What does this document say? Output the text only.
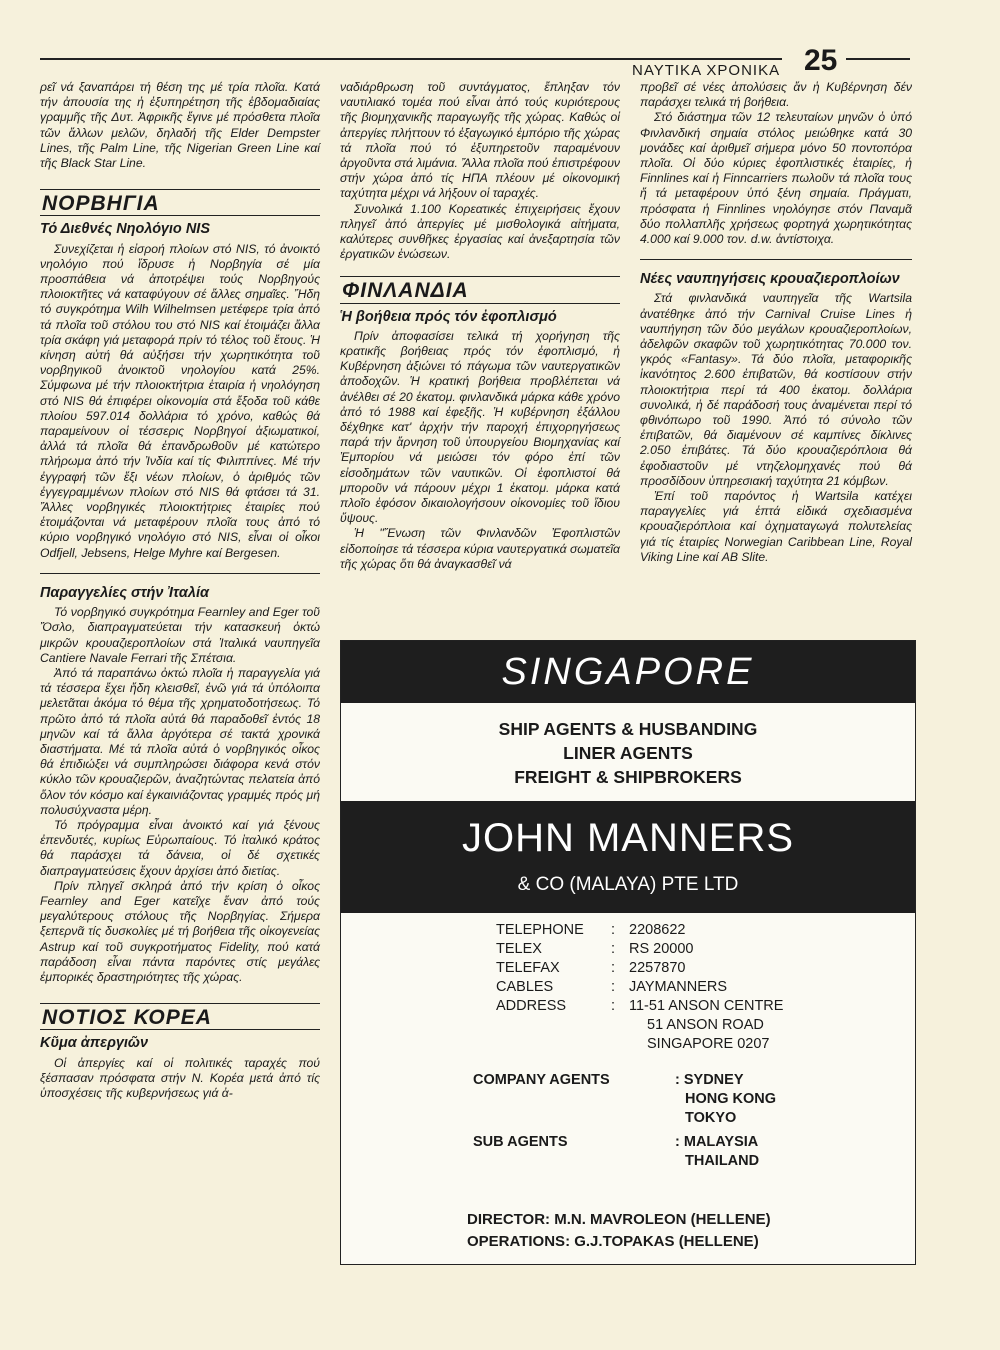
ΝΑΥΤΙΚΑ ΧΡΟΝΙΚΑ 25

ρεῖ νά ξαναπάρει τή θέση της μέ τρία πλοῖα. Κατά τήν ἀπουσία της ἡ ἐξυπηρέτηση τῆς ἑβδομαδιαίας γραμμῆς τῆς Δυτ. Ἀφρικῆς ἔγινε μέ πρόσθετα πλοῖα τῶν ἄλλων μελῶν, δηλαδή τῆς Elder Dempster Lines, τῆς Palm Line, τῆς Nigerian Green Line καί τῆς Black Star Line.

ΝΟΡΒΗΓΙΑ
Τό Διεθνές Νηολόγιο NIS

Συνεχίζεται ἡ εἰσροή πλοίων στό NIS, τό ἀνοικτό νηολόγιο πού ἵδρυσε ἡ Νορβηγία σέ μία προσπάθεια νά ἀποτρέψει τούς Νορβηγούς πλοιοκτῆτες νά καταφύγουν σέ ἄλλες σημαῖες. Ἤδη τό συγκρότημα Wilh Wilhelmsen μετέφερε τρία ἀπό τά πλοῖα τοῦ στόλου του στό NIS καί ἑτοιμάζει ἄλλα τρία σκάφη γιά μεταφορά πρίν τό τέλος τοῦ ἔτους. Ἡ κίνηση αὐτή θά αὐξήσει τήν χωρητικότητα τοῦ νορβηγικοῦ ἀνοικτοῦ νηολογίου κατά 25%. Σύμφωνα μέ τήν πλοιοκτήτρια ἑταιρία ἡ νηολόγηση στό NIS θά ἐπιφέρει οἰκονομία στά ἔξοδα τοῦ κάθε πλοίου 597.014 δολλάρια τό χρόνο, καθώς θά παραμείνουν οἱ τέσσερις Νορβηγοί ἀξιωματικοί, ἀλλά τά πλοῖα θά ἐπανδρωθοῦν μέ κατώτερο πλήρωμα ἀπό τήν Ἰνδία καί τίς Φιλιππίνες. Μέ τήν ἐγγραφή τῶν ἕξι νέων πλοίων, ὁ ἀριθμός τῶν ἐγγεγραμμένων πλοίων στό NIS θά φτάσει τά 31. Ἄλλες νορβηγικές πλοιοκτήτριες ἑταιρίες πού ἑτοιμάζονται νά μεταφέρουν πλοῖα τους ἀπό τό κύριο νορβηγικό νηολόγιο στό NIS, εἶναι οἱ οἶκοι Odfjell, Jebsens, Helge Myhre καί Bergesen.

Παραγγελίες στήν Ἰταλία

Τό νορβηγικό συγκρότημα Fearnley and Eger τοῦ Ὄσλο, διαπραγματεύεται τήν κατασκευή ὀκτώ μικρῶν κρουαζιεροπλοίων στά Ἰταλικά ναυπηγεῖα Cantiere Navale Ferrari τῆς Σπέτσια.

Ἀπό τά παραπάνω ὀκτώ πλοῖα ἡ παραγγελία γιά τά τέσσερα ἔχει ἤδη κλεισθεῖ, ἐνῶ γιά τά ὑπόλοιπα μελετᾶται ἀκόμα τό θέμα τῆς χρηματοδοτήσεως. Τό πρῶτο ἀπό τά πλοῖα αὐτά θά παραδοθεῖ ἐντός 18 μηνῶν καί τά ἄλλα ἀργότερα σέ τακτά χρονικά διαστήματα. Μέ τά πλοῖα αὐτά ὁ νορβηγικός οἶκος θά ἐπιδιώξει νά συμπληρώσει διάφορα κενά στόν κύκλο τῶν κρουαζιερῶν, ἀναζητώντας πελατεία ἀπό ὅλον τόν κόσμο καί ἐγκαινιάζοντας γραμμές πρός μή πολυσύχναστα μέρη.

Τό πρόγραμμα εἶναι ἀνοικτό καί γιά ξένους ἐπενδυτές, κυρίως Εὐρωπαίους. Τό ἰταλικό κράτος θά παράσχει τά δάνεια, οἱ δέ σχετικές διαπραγματεύσεις ἔχουν ἀρχίσει ἀπό διετίας.

Πρίν πληγεῖ σκληρά ἀπό τήν κρίση ὁ οἶκος Fearnley and Eger κατεῖχε ἕναν ἀπό τούς μεγαλύτερους στόλους τῆς Νορβηγίας. Σήμερα ξεπερνᾶ τίς δυσκολίες μέ τή βοήθεια τῆς οἰκογενείας Astrup καί τοῦ συγκροτήματος Fidelity, πού κατά παράδοση εἶναι πάντα παρόντες στίς μεγάλες ἐμπορικές δραστηριότητες τῆς χώρας.

ΝΟΤΙΟΣ ΚΟΡΕΑ
Κῦμα ἀπεργιῶν

Οἱ ἀπεργίες καί οἱ πολιτικές ταραχές πού ξέσπασαν πρόσφατα στήν Ν. Κορέα μετά ἀπό τίς ὑποσχέσεις τῆς κυβερνήσεως γιά ἀ-

ναδιάρθρωση τοῦ συντάγματος, ἔπληξαν τόν ναυτιλιακό τομέα πού εἶναι ἀπό τούς κυριότερους τῆς βιομηχανικῆς παραγωγῆς τῆς χώρας. Καθώς οἱ ἀπεργίες πλήττουν τό ἐξαγωγικό ἐμπόριο τῆς χώρας τά πλοῖα πού τό ἐξυπηρετοῦν παραμένουν ἀργοῦντα στά λιμάνια. Ἄλλα πλοῖα πού ἐπιστρέφουν στήν χώρα ἀπό τίς ΗΠΑ πλέουν μέ οἰκονομική ταχύτητα μέχρι νά λήξουν οἱ ταραχές.

Συνολικά 1.100 Κορεατικές ἐπιχειρήσεις ἔχουν πληγεῖ ἀπό ἀπεργίες μέ μισθολογικά αἰτήματα, καλύτερες συνθῆκες ἐργασίας καί ἀνεξαρτησία τῶν ἐργατικῶν ἑνώσεων.

ΦΙΝΛΑΝΔΙΑ
Ἡ βοήθεια πρός τόν ἐφοπλισμό

Πρίν ἀποφασίσει τελικά τή χορήγηση τῆς κρατικῆς βοήθειας πρός τόν ἐφοπλισμό, ἡ Κυβέρνηση ἀξιώνει τό πάγωμα τῶν ναυτεργατικῶν ἀποδοχῶν. Ἡ κρατική βοήθεια προβλέπεται νά ἀνέλθει σέ 20 ἑκατομ. φινλανδικά μάρκα κάθε χρόνο ἀπό τό 1988 καί ἐφεξῆς. Ἡ κυβέρνηση ἐξάλλου δέχθηκε κατ' ἀρχήν τήν παροχή ἐπιχορηγήσεως παρά τήν ἄρνηση τοῦ ὑπουργείου Βιομηχανίας καί Ἐμπορίου νά μειώσει τόν φόρο ἐπί τῶν εἰσοδημάτων τῶν ναυτικῶν. Οἱ ἐφοπλιστοί θά μποροῦν νά πάρουν μέχρι 1 ἑκατομ. μάρκα κατά πλοῖο ἐφόσον δικαιολογήσουν οἰκονομίες τοῦ ἴδιου ὕψους.

Ἡ "Ἕνωση τῶν Φινλανδῶν Ἐφοπλιστῶν εἰδοποίησε τά τέσσερα κύρια ναυτεργατικά σωματεῖα τῆς χώρας ὅτι θά ἀναγκασθεῖ νά

προβεῖ σέ νέες ἀπολύσεις ἄν ἡ Κυβέρνηση δέν παράσχει τελικά τή βοήθεια.

Στό διάστημα τῶν 12 τελευταίων μηνῶν ὁ ὑπό Φινλανδική σημαία στόλος μειώθηκε κατά 30 μονάδες καί ἀριθμεῖ σήμερα μόνο 50 ποντοπόρα πλοῖα. Οἱ δύο κύριες ἐφοπλιστικές ἑταιρίες, ἡ Finnlines καί ἡ Finncarriers πωλοῦν τά πλοῖα τους ἤ τά μεταφέρουν ὑπό ξένη σημαία. Πράγματι, πρόσφατα ἡ Finnlines νηολόγησε στόν Παναμᾶ δύο πολλαπλῆς χρήσεως φορτηγά χωρητικότητας 4.000 καί 9.000 τον. d.w. ἀντίστοιχα.

Νέες ναυπηγήσεις κρουαζιεροπλοίων

Στά φινλανδικά ναυπηγεῖα τῆς Wartsila ἀνατέθηκε ἀπό τήν Carnival Cruise Lines ἡ ναυπήγηση τῶν δύο μεγάλων κρουαζιεροπλοίων, ἀδελφῶν σκαφῶν τοῦ χωρητικότητας 70.000 τον. γκρός «Fantasy». Τά δύο πλοῖα, μεταφορικῆς ἱκανότητος 2.600 ἐπιβατῶν, θά κοστίσουν στήν πλοιοκτήτρια περί τά 400 ἑκατομ. δολλάρια συνολικά, ἡ δέ παράδοσή τους ἀναμένεται περί τό φθινόπωρο τοῦ 1990. Ἀπό τό σύνολο τῶν ἐπιβατῶν, θά διαμένουν σέ καμπίνες δίκλινες 2.050 ἐπιβάτες. Τά δύο κρουαζιερόπλοια θά ἐφοδιαστοῦν μέ ντηζελομηχανές πού θά προσδίδουν ὑπηρεσιακή ταχύτητα 21 κόμβων.

Ἐπί τοῦ παρόντος ἡ Wartsila κατέχει παραγγελίες γιά ἑπτά εἰδικά σχεδιασμένα κρουαζιερόπλοια καί ὀχηματαγωγά πολυτελείας γιά τίς ἑταιρίες Norwegian Caribbean Line, Royal Viking Line καί AB Slite.

SINGAPORE
SHIP AGENTS & HUSBANDING
LINER AGENTS
FREIGHT & SHIPBROKERS
JOHN MANNERS
& CO (MALAYA) PTE LTD
TELEPHONE
TELEX
TELEFAX
CABLES
ADDRESS
: 2208622
: RS 20000
: 2257870
: JAYMANNERS
: 11-51 ANSON CENTRE
51 ANSON ROAD
SINGAPORE 0207
COMPANY AGENTS	: SYDNEY
HONG KONG
TOKYO
SUB AGENTS	: MALAYSIA
THAILAND
DIRECTOR: M.N. MAVROLEON (HELLENE)
OPERATIONS: G.J.TOPAKAS (HELLENE)
